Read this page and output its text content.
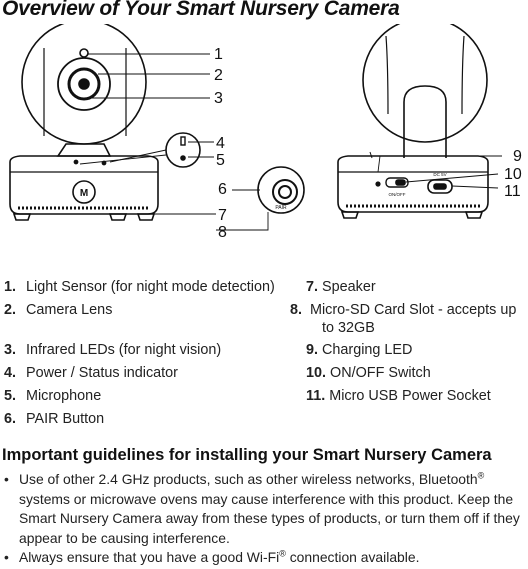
Overview of Your Smart Nursery Camera
M
PAIR
ON/OFF
DC 5V
1
2
3
4
5
6
7
8
9
10
11
1. Light Sensor (for night mode detection)
2. Camera Lens
3. Infrared LEDs (for night vision)
4. Power / Status indicator
5. Microphone
6. PAIR Button
7. Speaker
8. Micro-SD Card Slot - accepts up to 32GB
9. Charging LED
10. ON/OFF Switch
11. Micro USB Power Socket
Important guidelines for installing your Smart Nursery Camera
• Use of other 2.4 GHz products, such as other wireless networks, Bluetooth® systems or microwave ovens may cause interference with this product. Keep the Smart Nursery Camera away from these types of products, or turn them off if they appear to be causing interference.
• Always ensure that you have a good Wi-Fi® connection available.
